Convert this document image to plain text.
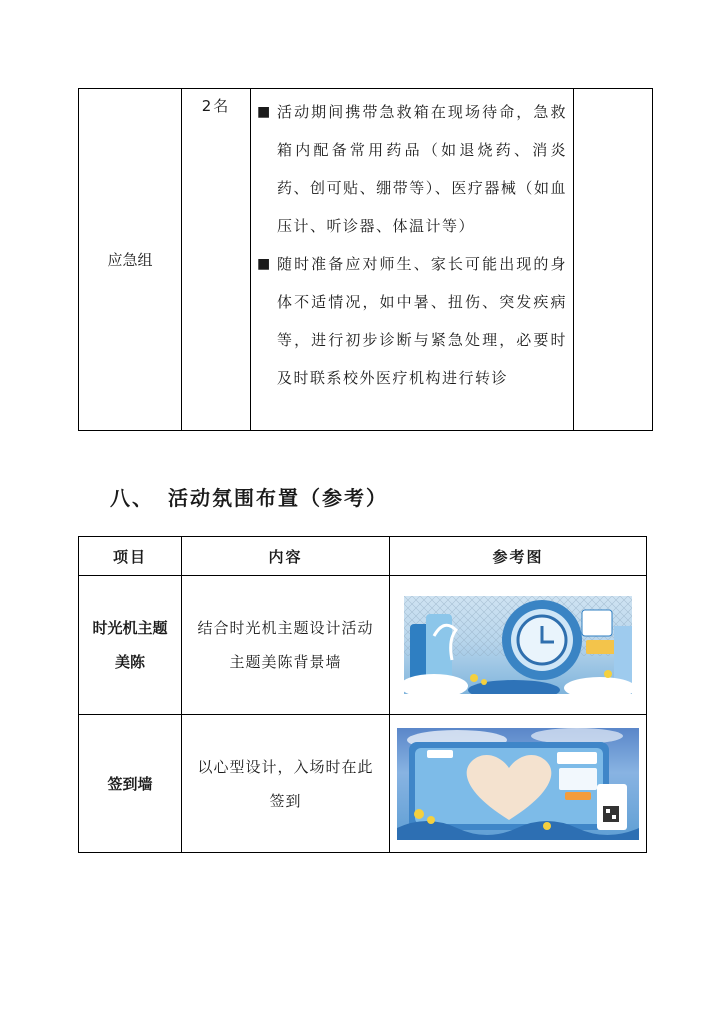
应急组	2名	■ 活动期间携带急救箱在现场待命，急救箱内配备常用药品（如退烧药、消炎药、创可贴、绷带等）、医疗器械（如血压计、听诊器、体温计等）
■ 随时准备应对师生、家长可能出现的身体不适情况，如中暑、扭伤、突发疾病等，进行初步诊断与紧急处理，必要时及时联系校外医疗机构进行转诊

八、 活动氛围布置（参考）
项目	内容	参考图
时光机主题美陈	结合时光机主题设计活动主题美陈背景墙	

签到墙	以心型设计，入场时在此签到	
